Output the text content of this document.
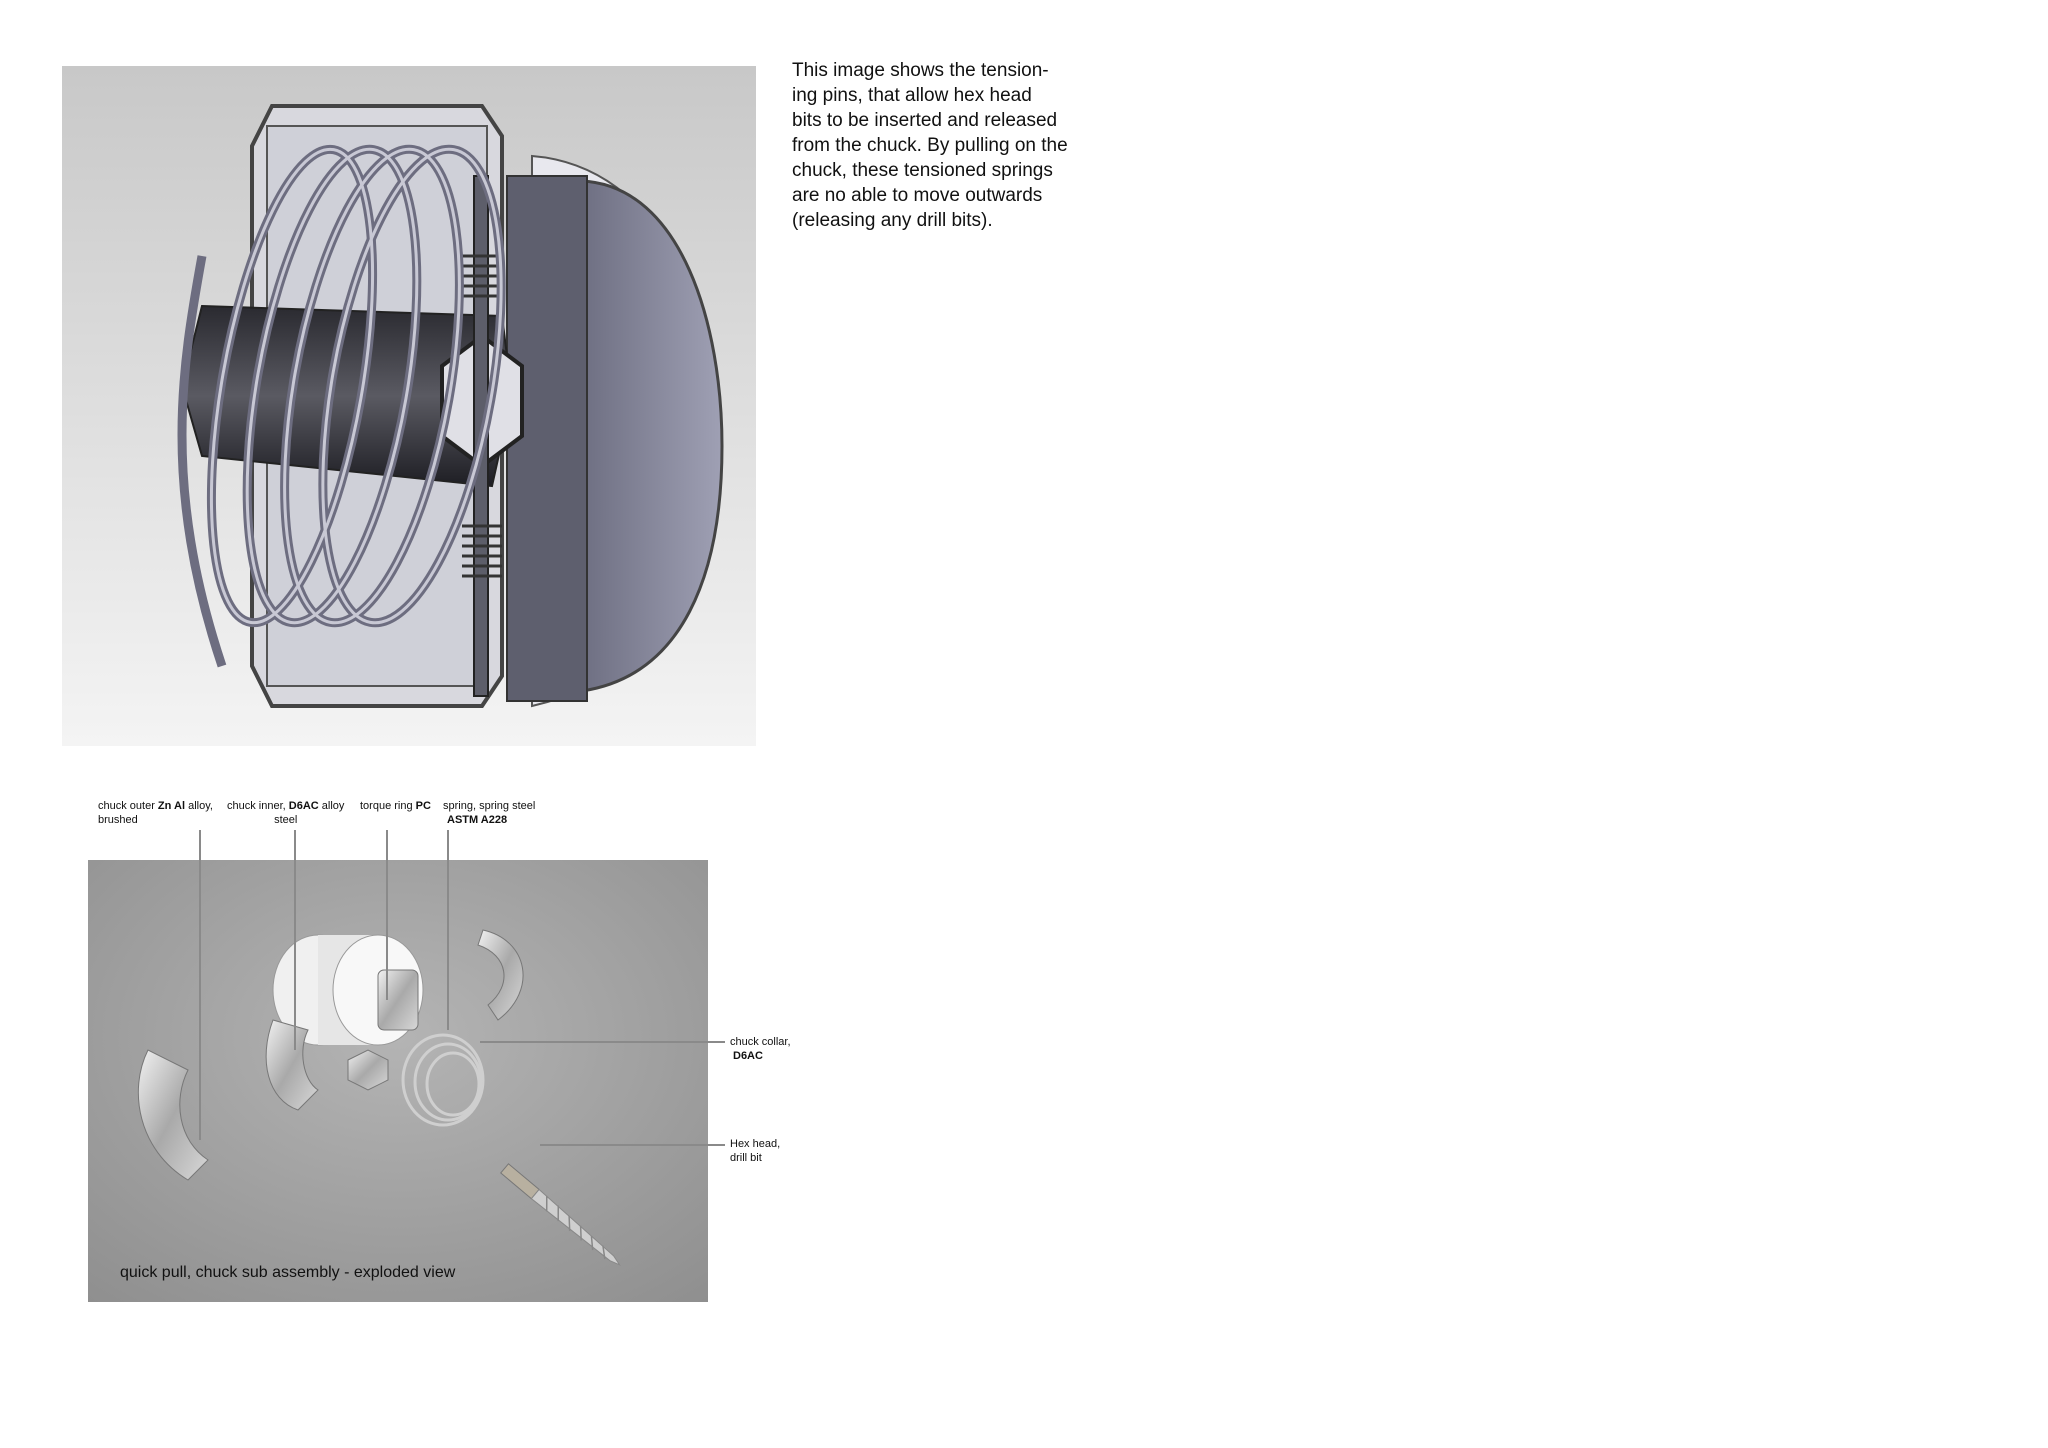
This image shows the tension-
ing pins, that allow hex head
bits to be inserted and released
from the chuck. By pulling on the
chuck, these tensioned springs
are no able to move outwards
(releasing any drill bits).
chuck outer Zn Al alloy,
brushed
chuck inner, D6AC alloy
steel
torque ring PC spring, spring steel
ASTM A228
chuck collar,
D6AC
Hex head,
drill bit
quick pull, chuck sub assembly - exploded view
